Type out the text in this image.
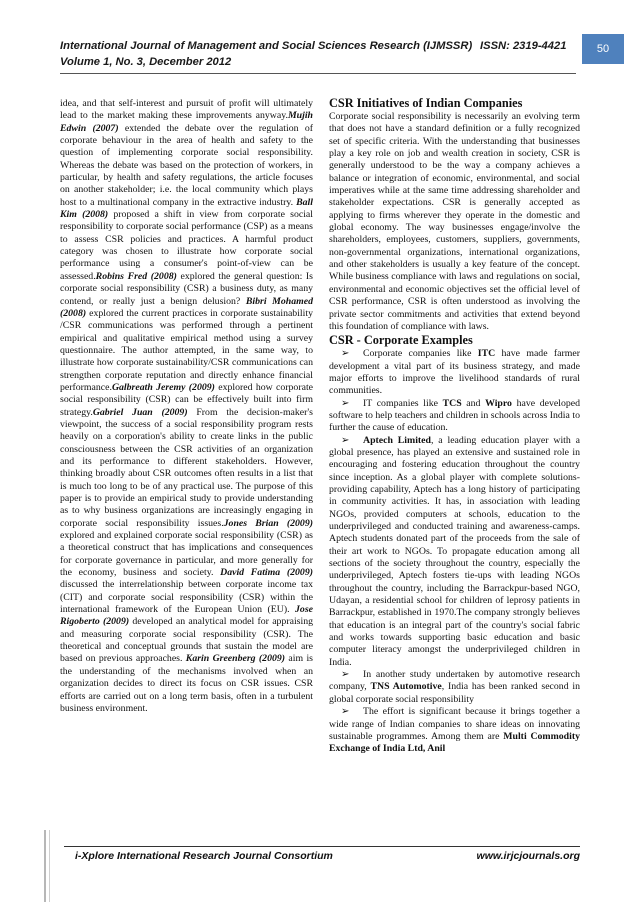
International Journal of Management and Social Sciences Research (IJMSSR) ISSN: 2319-4421
Volume 1, No. 3, December 2012
50

idea, and that self-interest and pursuit of profit will ultimately lead to the market making these improvements anyway.Mujih Edwin (2007) extended the debate over the regulation of corporate behaviour in the area of health and safety to the question of implementing corporate social responsibility. Whereas the debate was based on the protection of workers, in particular, by health and safety regulations, the article focuses on another stakeholder; i.e. the local community which plays host to a multinational company in the extractive industry. Ball Kim (2008) proposed a shift in view from corporate social responsibility to corporate social performance (CSP) as a means to assess CSR policies and practices. A harmful product category was chosen to illustrate how corporate social performance using a consumer's point-of-view can be assessed.Robins Fred (2008) explored the general question: Is corporate social responsibility (CSR) a business duty, as many contend, or really just a benign delusion? Bibri Mohamed (2008) explored the current practices in corporate sustainability /CSR communications was performed through a pertinent empirical and qualitative empirical method using a survey questionnaire. The author attempted, in the same way, to illustrate how corporate sustainability/CSR communications can strengthen corporate reputation and directly enhance financial performance.Galbreath Jeremy (2009) explored how corporate social responsibility (CSR) can be effectively built into firm strategy.Gabriel Juan (2009) From the decision-maker's viewpoint, the success of a social responsibility program rests heavily on a corporation's ability to create links in the public consciousness between the CSR activities of an organization and its performance to different stakeholders. However, thinking broadly about CSR outcomes often results in a list that is much too long to be of any practical use. The purpose of this paper is to provide an empirical study to provide understanding as to why business organizations are increasingly engaging in corporate social responsibility issues.Jones Brian (2009) explored and explained corporate social responsibility (CSR) as a theoretical construct that has implications and consequences for corporate governance in particular, and more generally for the economy, business and society. David Fatima (2009) discussed the interrelationship between corporate income tax (CIT) and corporate social responsibility (CSR) within the international framework of the European Union (EU). Jose Rigoberto (2009) developed an analytical model for appraising and measuring corporate social responsibility (CSR). The theoretical and conceptual grounds that sustain the model are based on previous approaches. Karin Greenberg (2009) aim is the understanding of the mechanisms involved when an organization decides to direct its focus on CSR issues. CSR efforts are carried out on a long term basis, often in a turbulent business environment.

CSR Initiatives of Indian Companies

Corporate social responsibility is necessarily an evolving term that does not have a standard definition or a fully recognized set of specific criteria. With the understanding that businesses play a key role on job and wealth creation in society, CSR is generally understood to be the way a company achieves a balance or integration of economic, environmental, and social imperatives while at the same time addressing shareholder and stakeholder expectations. CSR is generally accepted as applying to firms wherever they operate in the domestic and global economy. The way businesses engage/involve the shareholders, employees, customers, suppliers, governments, non-governmental organizations, international organizations, and other stakeholders is usually a key feature of the concept. While business compliance with laws and regulations on social, environmental and economic objectives set the official level of CSR performance, CSR is often understood as involving the private sector commitments and activities that extend beyond this foundation of compliance with laws.

CSR - Corporate Examples

➢ Corporate companies like ITC have made farmer development a vital part of its business strategy, and made major efforts to improve the livelihood standards of rural communities.

➢ IT companies like TCS and Wipro have developed software to help teachers and children in schools across India to further the cause of education.

➢ Aptech Limited, a leading education player with a global presence, has played an extensive and sustained role in encouraging and fostering education throughout the country since inception. As a global player with complete solutions-providing capability, Aptech has a long history of participating in community activities. It has, in association with leading NGOs, provided computers at schools, education to the underprivileged and conducted training and awareness-camps. Aptech students donated part of the proceeds from the sale of their art work to NGOs. To propagate education among all sections of the society throughout the country, especially the underprivileged, Aptech fosters tie-ups with leading NGOs throughout the country, including the Barrackpur-based NGO, Udayan, a residential school for children of leprosy patients in Barrackpur, established in 1970.The company strongly believes that education is an integral part of the country's social fabric and works towards supporting basic education and basic computer literacy amongst the underprivileged children in India.

➢ In another study undertaken by automotive research company, TNS Automotive, India has been ranked second in global corporate social responsibility

➢ The effort is significant because it brings together a wide range of Indian companies to share ideas on innovating sustainable programmes. Among them are Multi Commodity Exchange of India Ltd, Anil

i-Xplore International Research Journal Consortium	www.irjcjournals.org
